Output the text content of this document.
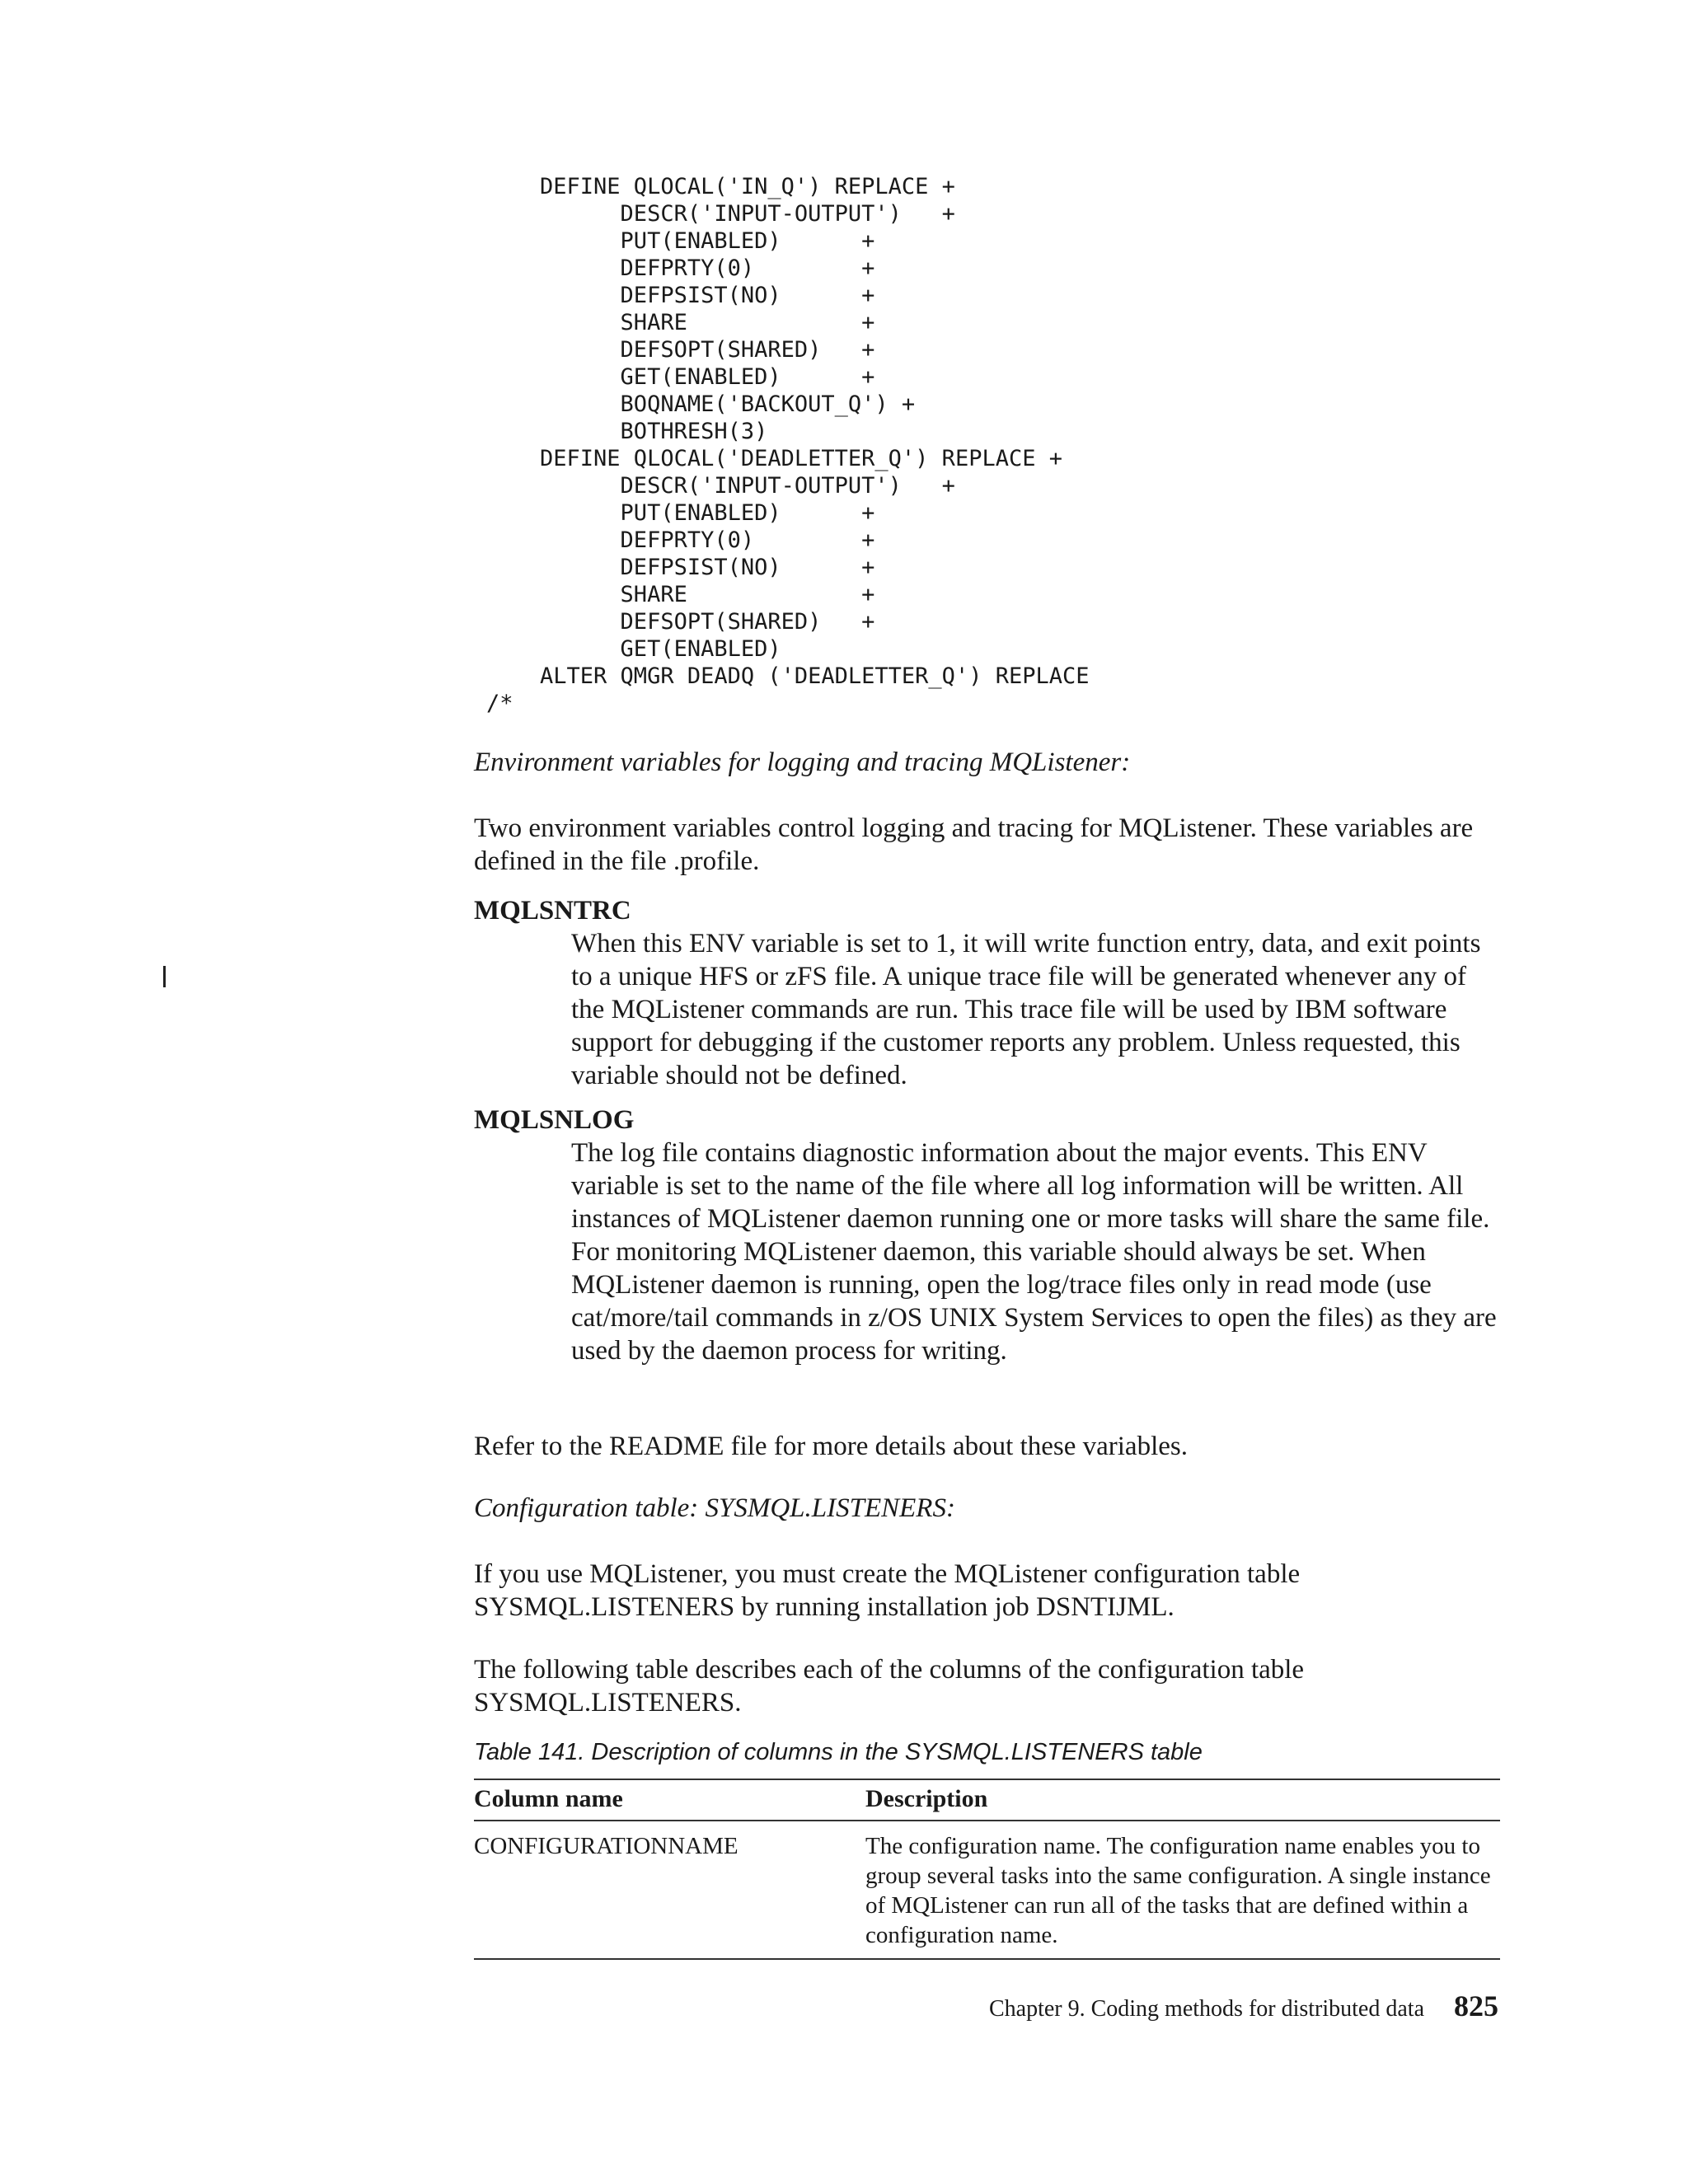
DEFINE QLOCAL('IN_Q') REPLACE +
DESCR('INPUT-OUTPUT')   +
PUT(ENABLED)      +
DEFPRTY(0)        +
DEFPSIST(NO)      +
SHARE             +
DEFSOPT(SHARED)   +
GET(ENABLED)      +
BOQNAME('BACKOUT_Q') +
BOTHRESH(3)
DEFINE QLOCAL('DEADLETTER_Q') REPLACE +
DESCR('INPUT-OUTPUT')   +
PUT(ENABLED)      +
DEFPRTY(0)        +
DEFPSIST(NO)      +
SHARE             +
DEFSOPT(SHARED)   +
GET(ENABLED)
ALTER QMGR DEADQ ('DEADLETTER_Q') REPLACE
/*

Environment variables for logging and tracing MQListener:

Two environment variables control logging and tracing for MQListener. These variables are defined in the file .profile.

MQLSNTRC

When this ENV variable is set to 1, it will write function entry, data, and exit points to a unique HFS or zFS file. A unique trace file will be generated whenever any of the MQListener commands are run. This trace file will be used by IBM software support for debugging if the customer reports any problem. Unless requested, this variable should not be defined.

MQLSNLOG

The log file contains diagnostic information about the major events. This ENV variable is set to the name of the file where all log information will be written. All instances of MQListener daemon running one or more tasks will share the same file. For monitoring MQListener daemon, this variable should always be set. When MQListener daemon is running, open the log/trace files only in read mode (use cat/more/tail commands in z/OS UNIX System Services to open the files) as they are used by the daemon process for writing.

Refer to the README file for more details about these variables.

Configuration table: SYSMQL.LISTENERS:

If you use MQListener, you must create the MQListener configuration table SYSMQL.LISTENERS by running installation job DSNTIJML.

The following table describes each of the columns of the configuration table SYSMQL.LISTENERS.

Table 141. Description of columns in the SYSMQL.LISTENERS table

Column name	Description
CONFIGURATIONNAME	The configuration name. The configuration name enables you to group several tasks into the same configuration. A single instance of MQListener can run all of the tasks that are defined within a configuration name.
Chapter 9. Coding methods for distributed data 825
